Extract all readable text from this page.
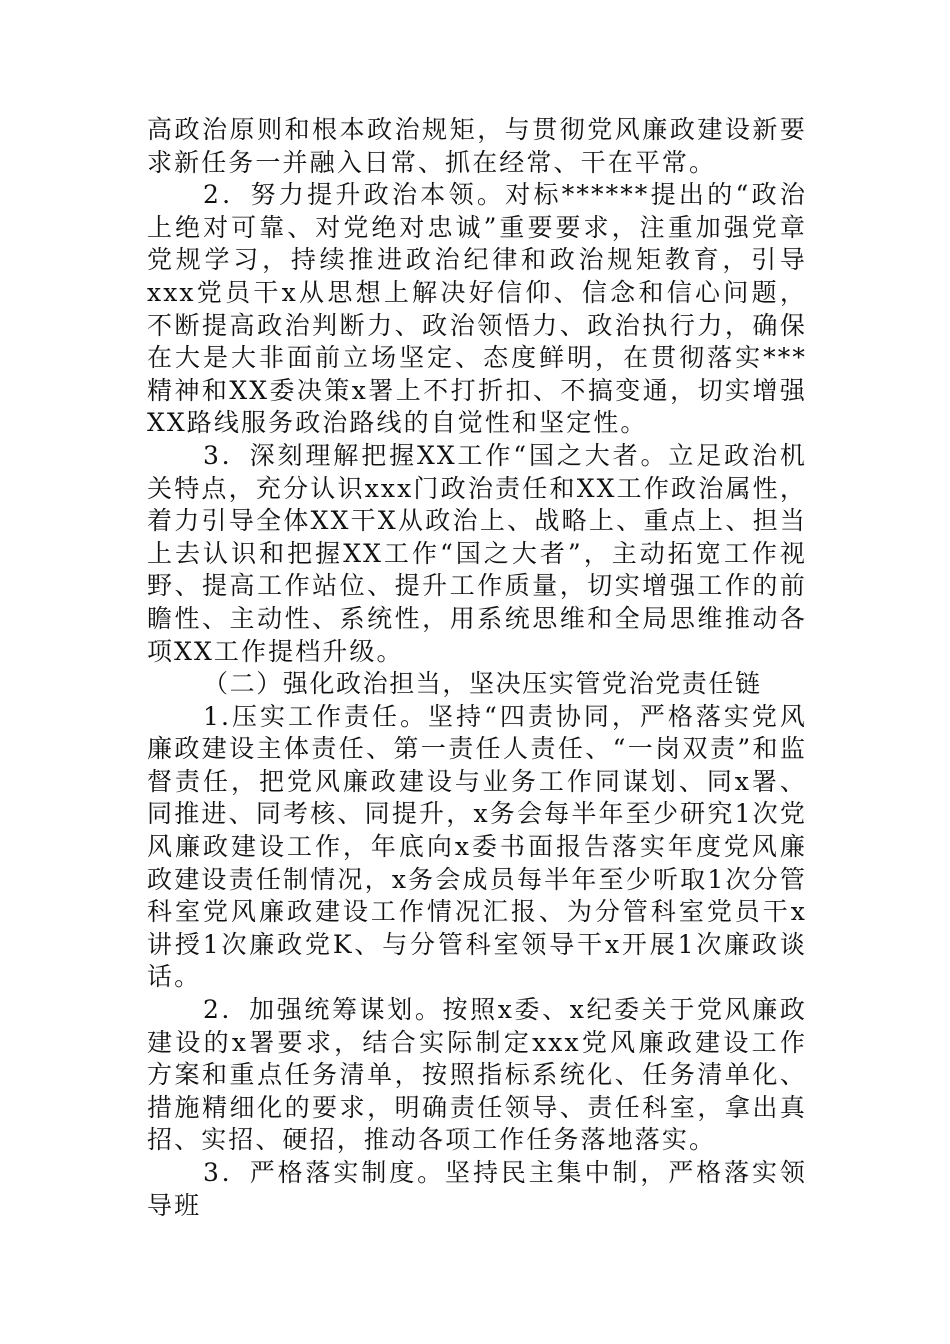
高政治原则和根本政治规矩，与贯彻党风廉政建设新要求新任务一并融入日常、抓在经常、干在平常。

2．努力提升政治本领。对标******提出的“政治上绝对可靠、对党绝对忠诚”重要要求，注重加强党章党规学习，持续推进政治纪律和政治规矩教育，引导xxx党员干x从思想上解决好信仰、信念和信心问题，不断提高政治判断力、政治领悟力、政治执行力，确保在大是大非面前立场坚定、态度鲜明，在贯彻落实***精神和XX委决策x署上不打折扣、不搞变通，切实增强XX路线服务政治路线的自觉性和坚定性。

3．深刻理解把握XX工作“国之大者。立足政治机关特点，充分认识xxx门政治责任和XX工作政治属性，着力引导全体XX干X从政治上、战略上、重点上、担当上去认识和把握XX工作“国之大者”，主动拓宽工作视野、提高工作站位、提升工作质量，切实增强工作的前瞻性、主动性、系统性，用系统思维和全局思维推动各项XX工作提档升级。

（二）强化政治担当，坚决压实管党治党责任链

1.压实工作责任。坚持“四责协同，严格落实党风廉政建设主体责任、第一责任人责任、“一岗双责”和监督责任，把党风廉政建设与业务工作同谋划、同x署、同推进、同考核、同提升，x务会每半年至少研究1次党风廉政建设工作，年底向x委书面报告落实年度党风廉政建设责任制情况，x务会成员每半年至少听取1次分管科室党风廉政建设工作情况汇报、为分管科室党员干x讲授1次廉政党K、与分管科室领导干x开展1次廉政谈话。

2．加强统筹谋划。按照x委、x纪委关于党风廉政建设的x署要求，结合实际制定xxx党风廉政建设工作方案和重点任务清单，按照指标系统化、任务清单化、措施精细化的要求，明确责任领导、责任科室，拿出真招、实招、硬招，推动各项工作任务落地落实。

3．严格落实制度。坚持民主集中制，严格落实领导班
